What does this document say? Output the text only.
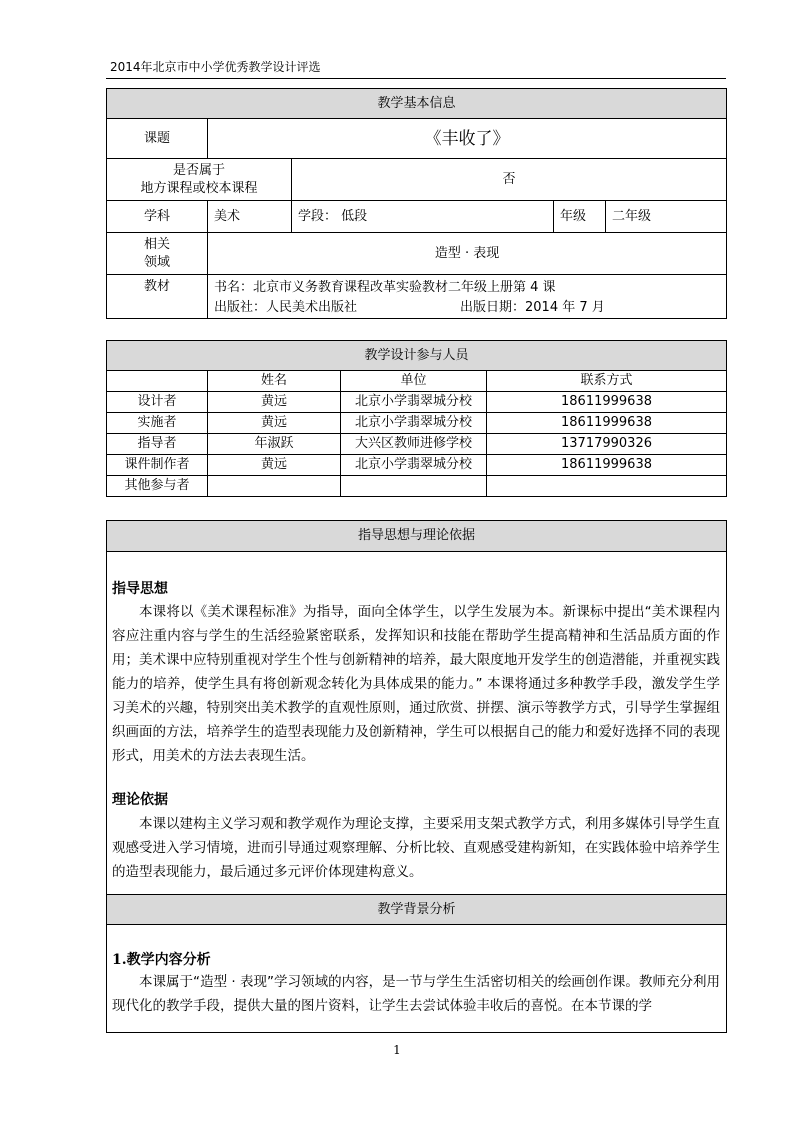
2014年北京市中小学优秀教学设计评选
教学基本信息				
课题	《丰收了》			

是否属于
地方课程或校本课程		否		
学科	美术	学段： 低段	年级	二年级

相关
领域	造型 · 表现			
教材	书名：北京市义务教育课程改革实验教材二年级上册第 4 课
出版社：人民美术出版社 出版日期：2014 年 7 月			
教学设计参与人员			
	姓名	单位	联系方式
设计者	黄远	北京小学翡翠城分校	18611999638
实施者	黄远	北京小学翡翠城分校	18611999638
指导者	年淑跃	大兴区教师进修学校	13717990326
课件制作者	黄远	北京小学翡翠城分校	18611999638
其他参与者			
指导思想与理论依据

教学背景分析

指导思想
本课将以《美术课程标准》为指导，面向全体学生，以学生发展为本。新课标中提出“美术课程内容应注重内容与学生的生活经验紧密联系，发挥知识和技能在帮助学生提高精神和生活品质方面的作用；美术课中应特别重视对学生个性与创新精神的培养，最大限度地开发学生的创造潜能，并重视实践能力的培养，使学生具有将创新观念转化为具体成果的能力。” 本课将通过多种教学手段，激发学生学习美术的兴趣，特别突出美术教学的直观性原则，通过欣赏、拼摆、演示等教学方式，引导学生掌握组织画面的方法，培养学生的造型表现能力及创新精神，学生可以根据自己的能力和爱好选择不同的表现形式，用美术的方法去表现生活。
理论依据
本课以建构主义学习观和教学观作为理论支撑，主要采用支架式教学方式，利用多媒体引导学生直观感受进入学习情境，进而引导通过观察理解、分析比较、直观感受建构新知，在实践体验中培养学生的造型表现能力，最后通过多元评价体现建构意义。
1.教学内容分析
本课属于“造型 · 表现”学习领域的内容，是一节与学生生活密切相关的绘画创作课。教师充分利用现代化的教学手段，提供大量的图片资料，让学生去尝试体验丰收后的喜悦。在本节课的学
1
